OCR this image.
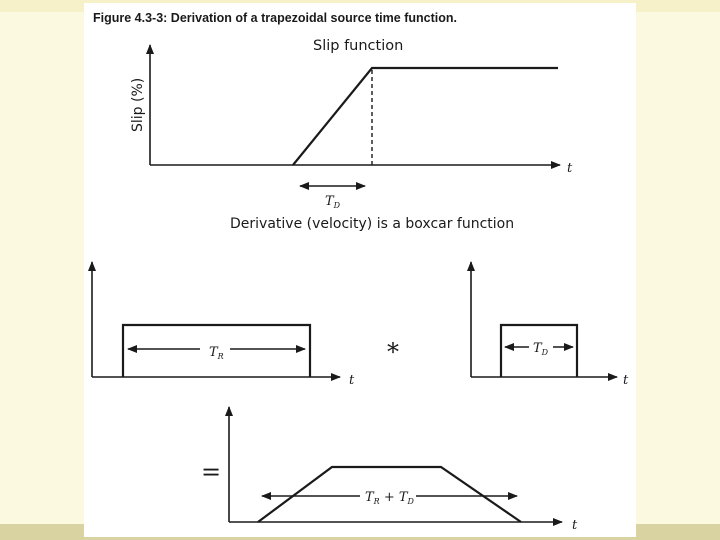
Figure 4.3-3: Derivation of a trapezoidal source time function.
Slip function
Slip (%)
t
TD
Derivative (velocity) is a boxcar function
t
TR	*
t
TD
=
t
TR + TD
